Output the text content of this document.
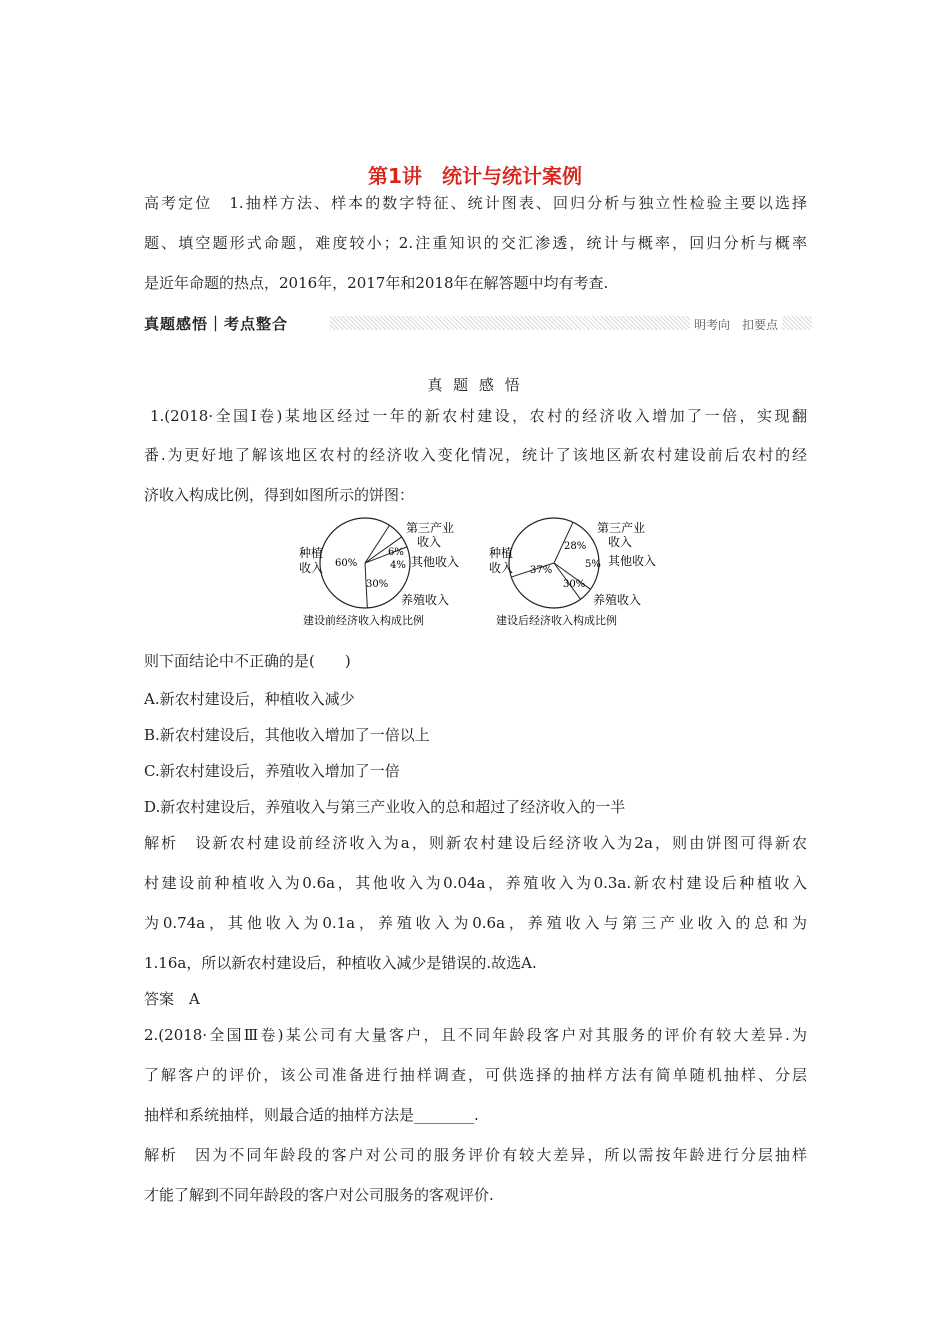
第1讲　统计与统计案例
高考定位　1.抽样方法、样本的数字特征、统计图表、回归分析与独立性检验主要以选择
题、填空题形式命题，难度较小；2.注重知识的交汇渗透，统计与概率，回归分析与概率
是近年命题的热点，2016年，2017年和2018年在解答题中均有考查.
真题感悟｜考点整合	明考向　扣要点
真 题 感 悟
1.(2018·全国Ⅰ卷)某地区经过一年的新农村建设，农村的经济收入增加了一倍，实现翻
番.为更好地了解该地区农村的经济收入变化情况，统计了该地区新农村建设前后农村的经
济收入构成比例，得到如图所示的饼图：
种植
收入
第三产业
收入
其他收入
养殖收入
60%
6%
4%
30%
建设前经济收入构成比例
种植
收入
第三产业
收入
其他收入
养殖收入
37%
28%
5%
30%
建设后经济收入构成比例
则下面结论中不正确的是(　　)
A.新农村建设后，种植收入减少
B.新农村建设后，其他收入增加了一倍以上
C.新农村建设后，养殖收入增加了一倍
D.新农村建设后，养殖收入与第三产业收入的总和超过了经济收入的一半
解析　设新农村建设前经济收入为a，则新农村建设后经济收入为2a，则由饼图可得新农
村建设前种植收入为0.6a，其他收入为0.04a，养殖收入为0.3a.新农村建设后种植收入
为0.74a，其他收入为0.1a，养殖收入为0.6a，养殖收入与第三产业收入的总和为
1.16a，所以新农村建设后，种植收入减少是错误的.故选A.
答案　A
2.(2018·全国Ⅲ卷)某公司有大量客户，且不同年龄段客户对其服务的评价有较大差异.为
了解客户的评价，该公司准备进行抽样调查，可供选择的抽样方法有简单随机抽样、分层
抽样和系统抽样，则最合适的抽样方法是________.
解析　因为不同年龄段的客户对公司的服务评价有较大差异，所以需按年龄进行分层抽样
才能了解到不同年龄段的客户对公司服务的客观评价.
